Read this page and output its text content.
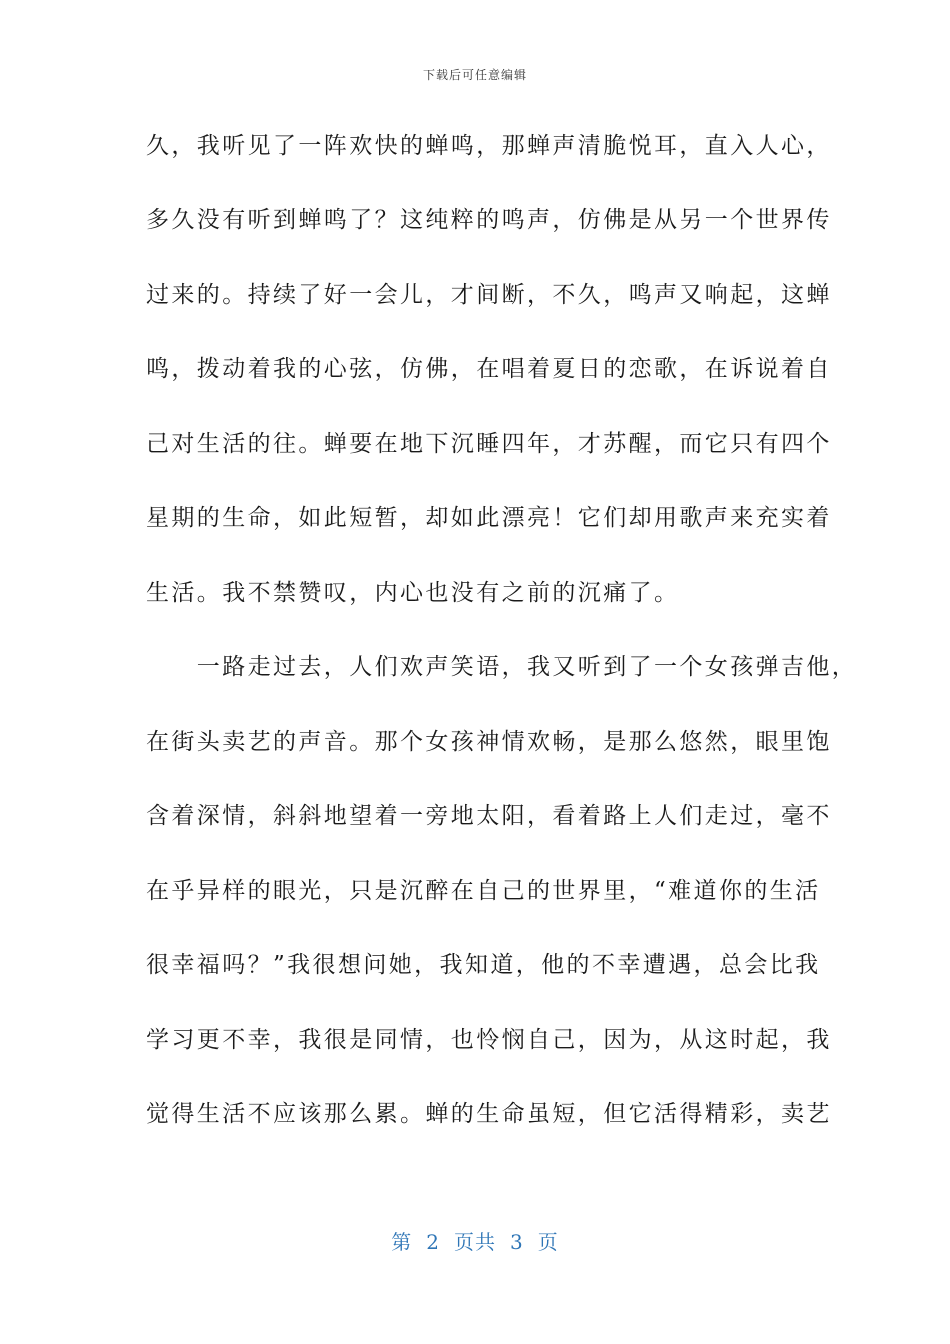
下载后可任意编辑
久，我听见了一阵欢快的蝉鸣，那蝉声清脆悦耳，直入人心，
多久没有听到蝉鸣了？这纯粹的鸣声，仿佛是从另一个世界传
过来的。持续了好一会儿，才间断，不久，鸣声又响起，这蝉
鸣，拨动着我的心弦，仿佛，在唱着夏日的恋歌，在诉说着自
己对生活的往。蝉要在地下沉睡四年，才苏醒，而它只有四个
星期的生命，如此短暂，却如此漂亮！它们却用歌声来充实着
生活。我不禁赞叹，内心也没有之前的沉痛了。
　　一路走过去，人们欢声笑语，我又听到了一个女孩弹吉他，
在街头卖艺的声音。那个女孩神情欢畅，是那么悠然，眼里饱
含着深情，斜斜地望着一旁地太阳，看着路上人们走过，毫不
在乎异样的眼光，只是沉醉在自己的世界里，“难道你的生活
很幸福吗？”我很想问她，我知道，他的不幸遭遇，总会比我
学习更不幸，我很是同情，也怜悯自己，因为，从这时起，我
觉得生活不应该那么累。蝉的生命虽短，但它活得精彩，卖艺
第 2 页共 3 页
